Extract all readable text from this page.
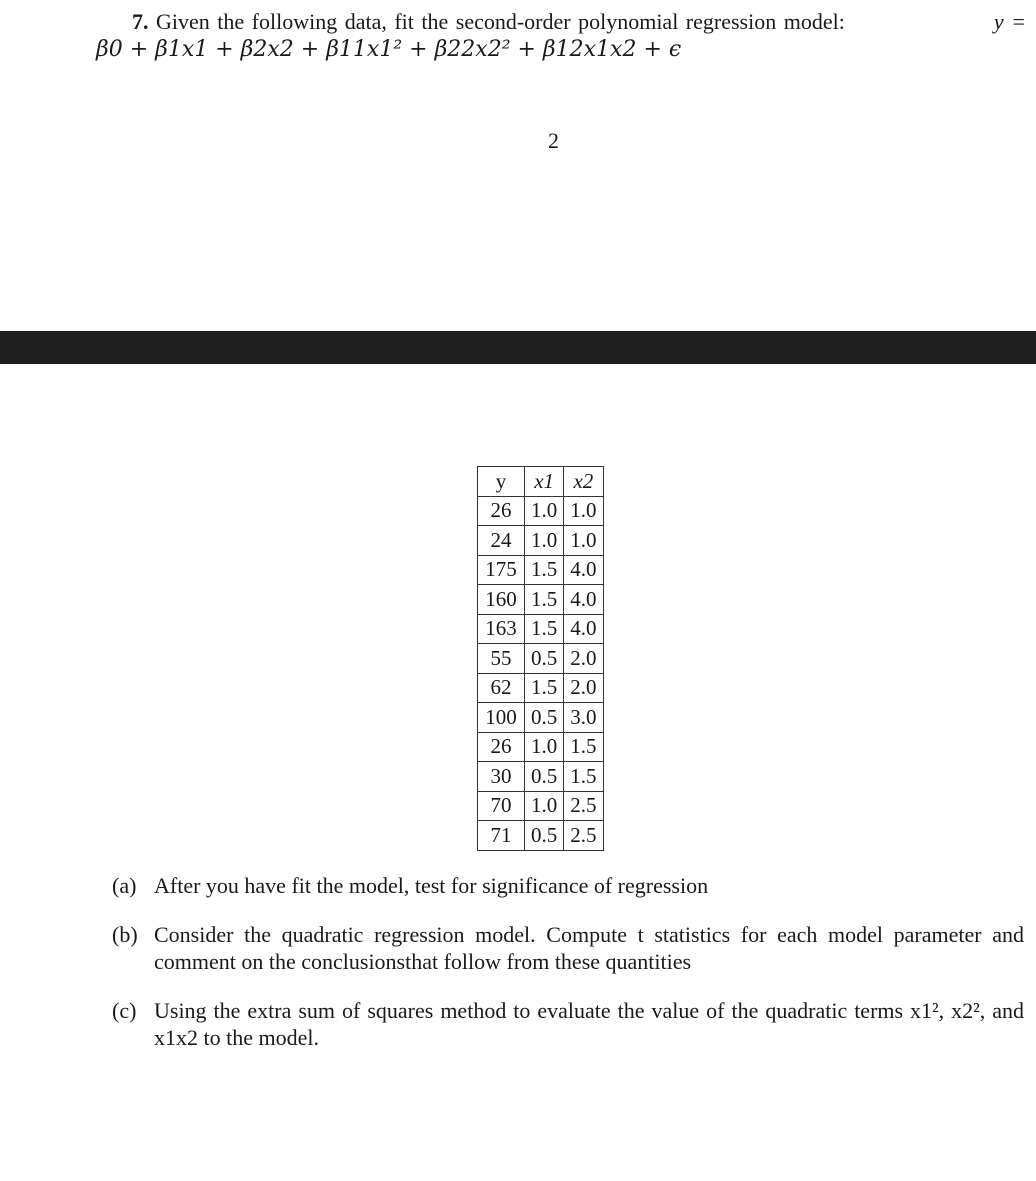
7. Given the following data, fit the second-order polynomial regression model:	y =
β0 + β1x1 + β2x2 + β11x1² + β22x2² + β12x1x2 + ϵ
2
y	x1	x2
26	1.0	1.0
24	1.0	1.0
175	1.5	4.0
160	1.5	4.0
163	1.5	4.0
55	0.5	2.0
62	1.5	2.0
100	0.5	3.0
26	1.0	1.5
30	0.5	1.5
70	1.0	2.5
71	0.5	2.5
(a) After you have fit the model, test for significance of regression
(b) Consider the quadratic regression model. Compute t statistics for each model parameter and comment on the conclusionsthat follow from these quantities
(c) Using the extra sum of squares method to evaluate the value of the quadratic terms x1², x2², and x1x2 to the model.
